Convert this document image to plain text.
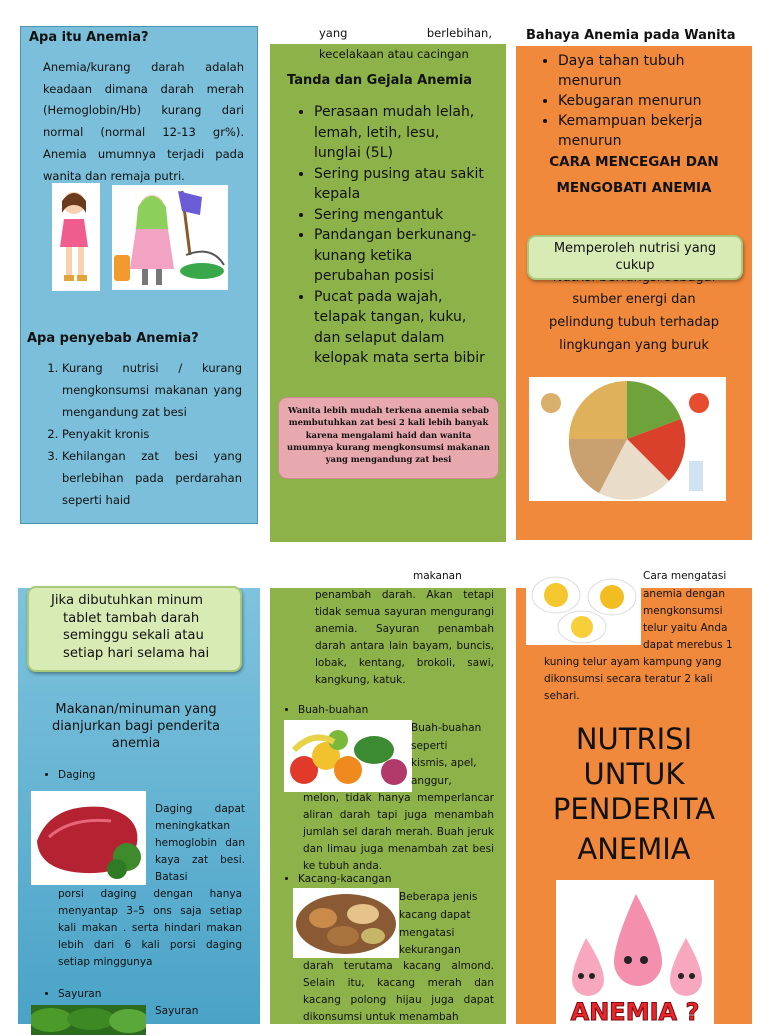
Apa itu Anemia?
Anemia/kurang darah adalah keadaan dimana darah merah (Hemoglobin/Hb) kurang dari normal (normal 12-13 gr%). Anemia umumnya terjadi pada wanita dan remaja putri.
Apa penyebab Anemia?
1. Kurang nutrisi / kurang mengkonsumsi makanan yang mengandung zat besi
2. Penyakit kronis
3. Kehilangan zat besi yang berlebihan pada perdarahan seperti haid
yang berlebihan,
kecelakaan atau cacingan
Tanda dan Gejala Anemia
• Perasaan mudah lelah, lemah, letih, lesu, lunglai (5L)
• Sering pusing atau sakit kepala
• Sering mengantuk
• Pandangan berkunang-kunang ketika perubahan posisi
• Pucat pada wajah, telapak tangan, kuku, dan selaput dalam kelopak mata serta bibir
Wanita lebih mudah terkena anemia sebab membutuhkan zat besi 2 kali lebih banyak karena mengalami haid dan wanita umumnya kurang mengkonsumsi makanan yang mengandung zat besi
Bahaya Anemia pada Wanita
• Daya tahan tubuh menurun
• Kebugaran menurun
• Kemampuan bekerja menurun
CARA MENCEGAH DAN
MENGOBATI ANEMIA
Memperoleh nutrisi yang cukup
sumber energi dan
pelindung tubuh terhadap
lingkungan yang buruk
Jika dibutuhkan minum tablet tambah darah seminggu sekali atau setiap hari selama hai
Makanan/minuman yang dianjurkan bagi penderita anemia
• Daging
Daging dapat meningkatkan hemoglobin dan kaya zat besi. Batasi
porsi daging dengan hanya menyantap 3–5 ons saja setiap kali makan . serta hindari makan lebih dari 6 kali porsi daging setiap minggunya
• Sayuran
Sayuran
makanan
penambah darah. Akan tetapi tidak semua sayuran mengurangi anemia. Sayuran penambah darah antara lain bayam, buncis, lobak, kentang, brokoli, sawi, kangkung, katuk.
• Buah-buahan
Buah-buahan
seperti
kismis, apel,
anggur,
melon, tidak hanya memperlancar aliran darah tapi juga menambah jumlah sel darah merah. Buah jeruk dan limau juga menambah zat besi ke tubuh anda.
• Kacang-kacangan
Beberapa jenis
kacang dapat
mengatasi
kekurangan
darah terutama kacang almond. Selain itu, kacang merah dan kacang polong hijau juga dapat dikonsumsi untuk menambah
Cara mengatasi
anemia dengan
mengkonsumsi
telur yaitu Anda
dapat merebus 1
kuning telur ayam kampung yang dikonsumsi secara teratur 2 kali sehari.
NUTRISI
UNTUK
PENDERITA
ANEMIA
ANEMIA ?
